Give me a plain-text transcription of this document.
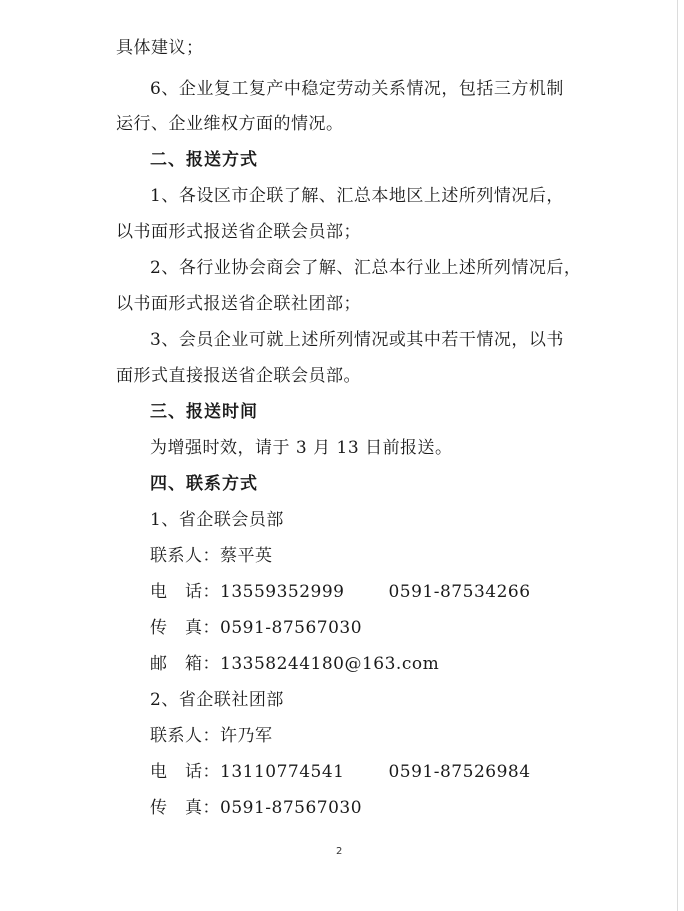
具体建议；
6、企业复工复产中稳定劳动关系情况，包括三方机制
运行、企业维权方面的情况。
二、报送方式
1、各设区市企联了解、汇总本地区上述所列情况后，
以书面形式报送省企联会员部；
2、各行业协会商会了解、汇总本行业上述所列情况后，
以书面形式报送省企联社团部；
3、会员企业可就上述所列情况或其中若干情况，以书
面形式直接报送省企联会员部。
三、报送时间
为增强时效，请于 3 月 13 日前报送。
四、联系方式
1、省企联会员部
联系人：蔡平英
电　话：13559352999	0591-87534266
传　真：0591-87567030
邮　箱：13358244180@163.com
2、省企联社团部
联系人：许乃军
电　话：13110774541	0591-87526984
传　真：0591-87567030
2
